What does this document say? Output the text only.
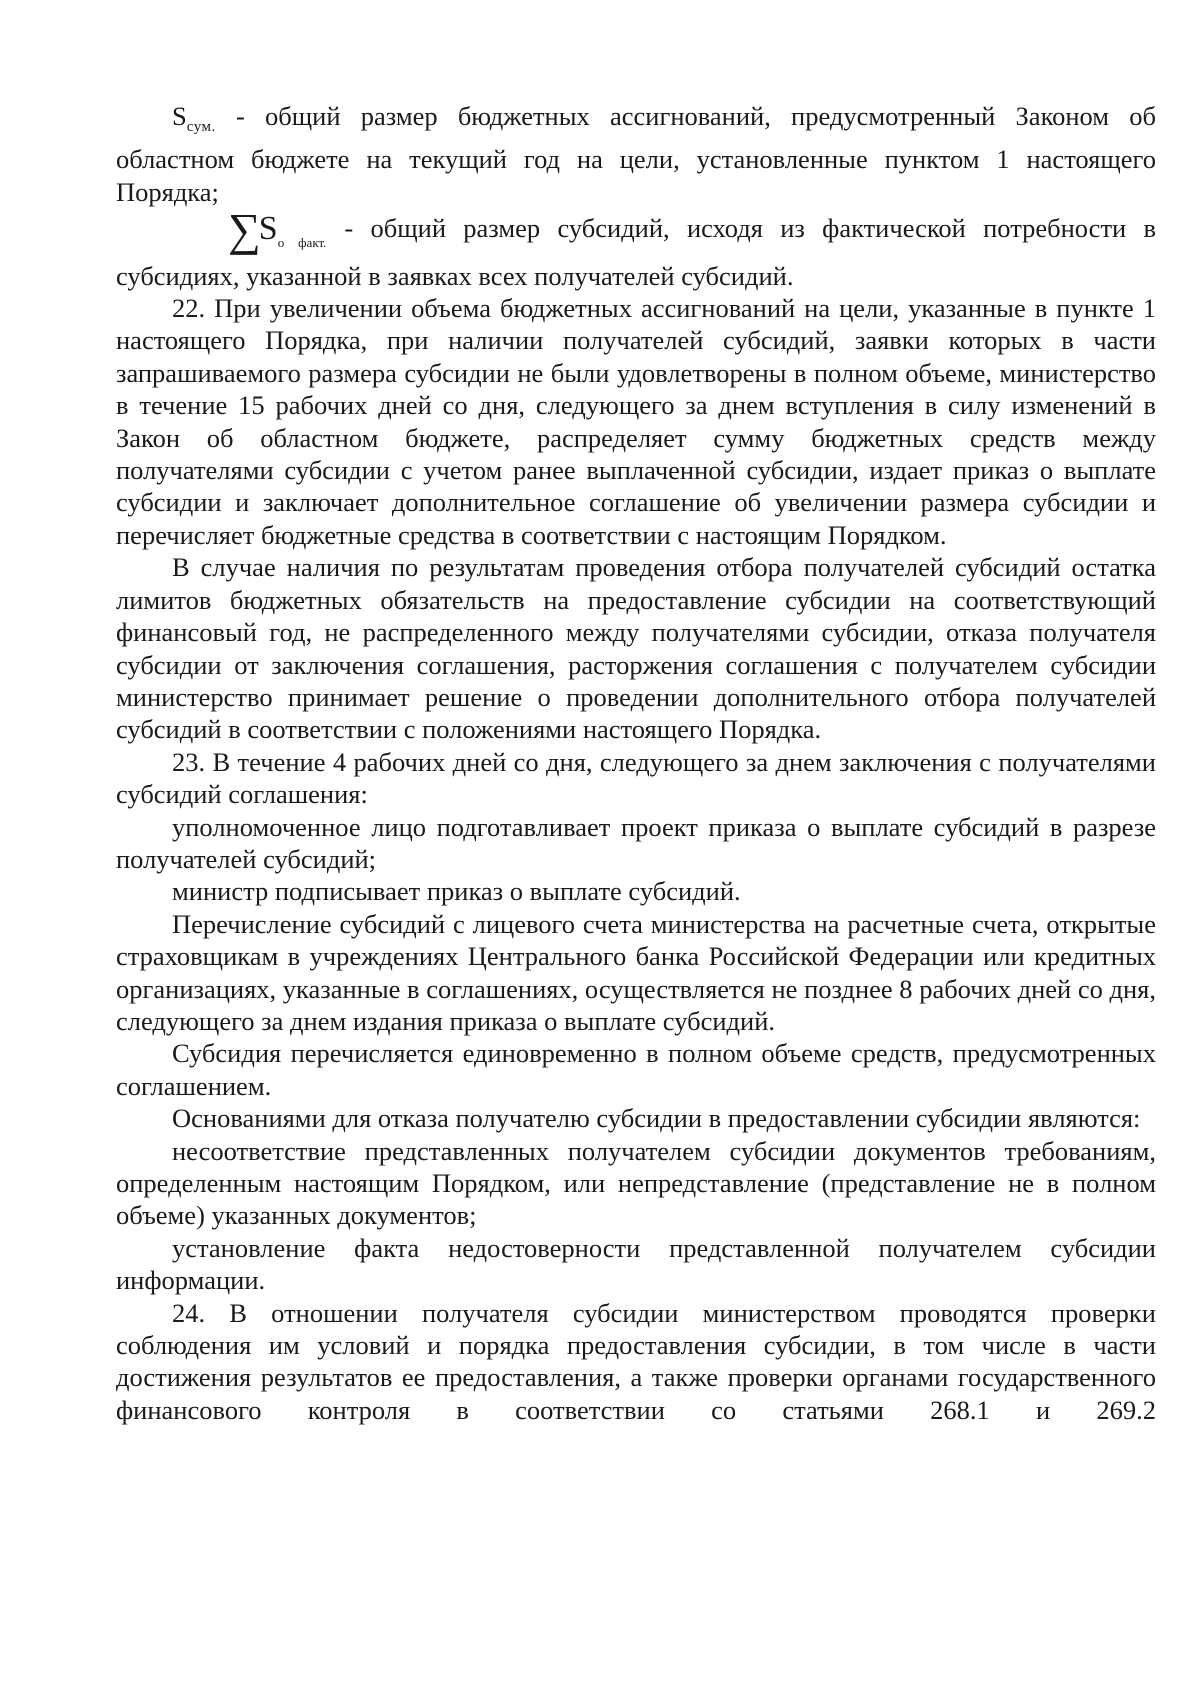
$S_{сум.}$ - общий размер бюджетных ассигнований, предусмотренный Законом об областном бюджете на текущий год на цели, установленные пунктом 1 настоящего Порядка;

$\sum S_{о факт.}$ - общий размер субсидий, исходя из фактической потребности в субсидиях, указанной в заявках всех получателей субсидий.

22. При увеличении объема бюджетных ассигнований на цели, указанные в пункте 1 настоящего Порядка, при наличии получателей субсидий, заявки которых в части запрашиваемого размера субсидии не были удовлетворены в полном объеме, министерство в течение 15 рабочих дней со дня, следующего за днем вступления в силу изменений в Закон об областном бюджете, распределяет сумму бюджетных средств между получателями субсидии с учетом ранее выплаченной субсидии, издает приказ о выплате субсидии и заключает дополнительное соглашение об увеличении размера субсидии и перечисляет бюджетные средства в соответствии с настоящим Порядком.

В случае наличия по результатам проведения отбора получателей субсидий остатка лимитов бюджетных обязательств на предоставление субсидии на соответствующий финансовый год, не распределенного между получателями субсидии, отказа получателя субсидии от заключения соглашения, расторжения соглашения с получателем субсидии министерство принимает решение о проведении дополнительного отбора получателей субсидий в соответствии с положениями настоящего Порядка.

23. В течение 4 рабочих дней со дня, следующего за днем заключения с получателями субсидий соглашения:

уполномоченное лицо подготавливает проект приказа о выплате субсидий в разрезе получателей субсидий;

министр подписывает приказ о выплате субсидий.

Перечисление субсидий с лицевого счета министерства на расчетные счета, открытые страховщикам в учреждениях Центрального банка Российской Федерации или кредитных организациях, указанные в соглашениях, осуществляется не позднее 8 рабочих дней со дня, следующего за днем издания приказа о выплате субсидий.

Субсидия перечисляется единовременно в полном объеме средств, предусмотренных соглашением.

Основаниями для отказа получателю субсидии в предоставлении субсидии являются:

несоответствие представленных получателем субсидии документов требованиям, определенным настоящим Порядком, или непредставление (представление не в полном объеме) указанных документов;

установление факта недостоверности представленной получателем субсидии информации.

24. В отношении получателя субсидии министерством проводятся проверки соблюдения им условий и порядка предоставления субсидии, в том числе в части достижения результатов ее предоставления, а также проверки органами государственного финансового контроля в соответствии со статьями 268.1 и 269.2
